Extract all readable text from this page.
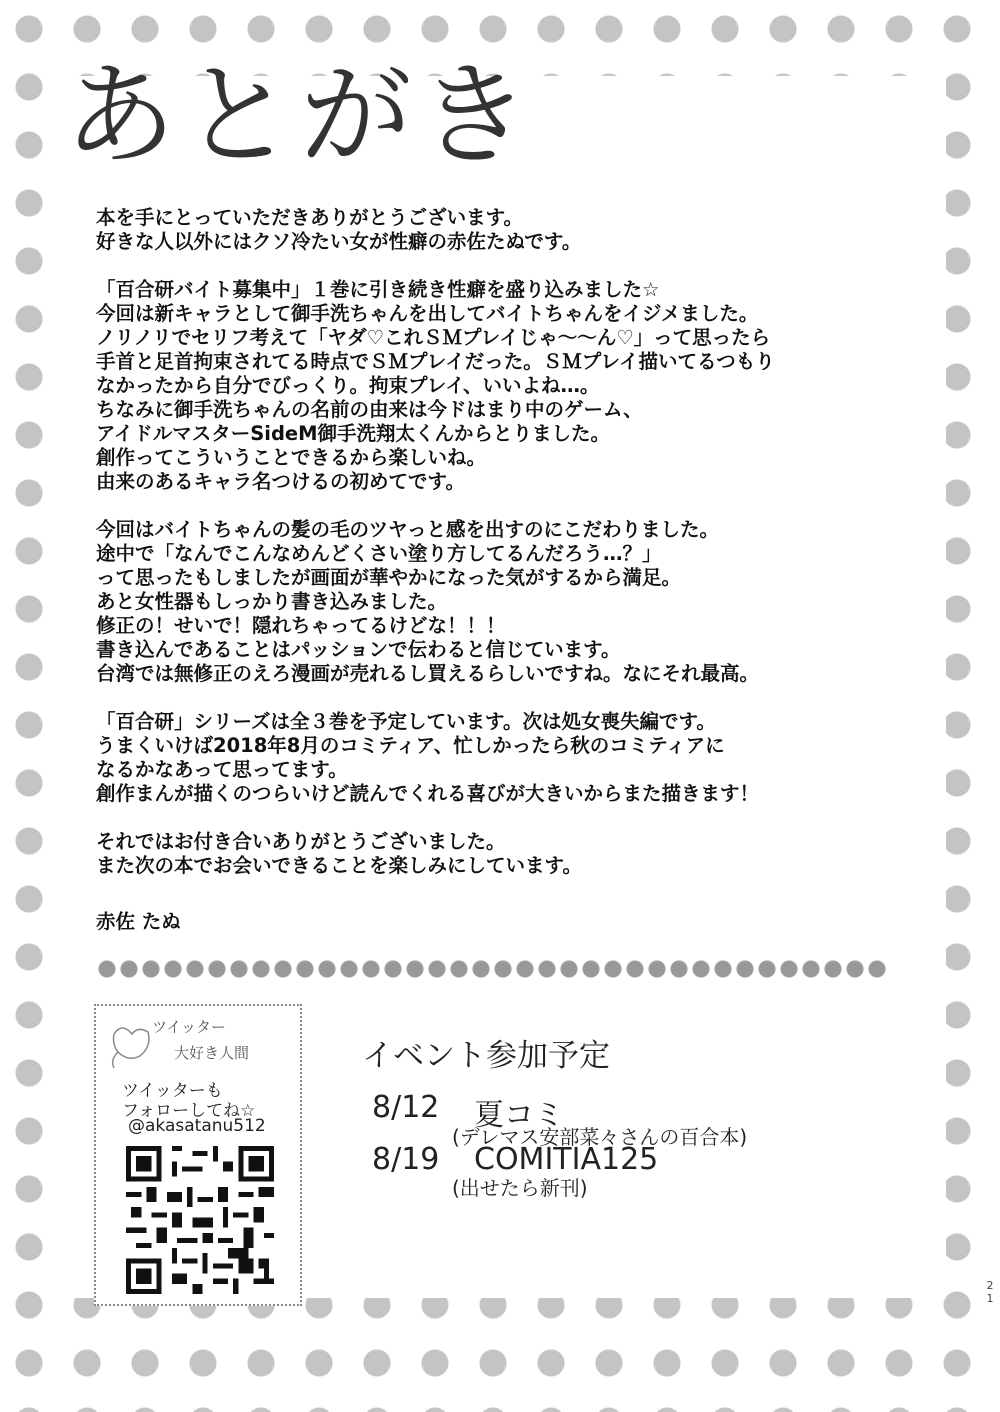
あとがき

本を手にとっていただきありがとうございます。
好きな人以外にはクソ冷たい女が性癖の赤佐たぬです。

「百合研バイト募集中」１巻に引き続き性癖を盛り込みました☆
今回は新キャラとして御手洗ちゃんを出してバイトちゃんをイジメました。
ノリノリでセリフ考えて「ヤダ♡これＳＭプレイじゃ〜〜ん♡」って思ったら
手首と足首拘束されてる時点でＳＭプレイだった。ＳＭプレイ描いてるつもり
なかったから自分でびっくり。拘束プレイ、いいよね…。
ちなみに御手洗ちゃんの名前の由来は今ドはまり中のゲーム、
アイドルマスターSideM御手洗翔太くんからとりました。
創作ってこういうことできるから楽しいね。
由来のあるキャラ名つけるの初めてです。

今回はバイトちゃんの髪の毛のツヤっと感を出すのにこだわりました。
途中で「なんでこんなめんどくさい塗り方してるんだろう…？」
って思ったもしましたが画面が華やかになった気がするから満足。
あと女性器もしっかり書き込みました。
修正の！せいで！隠れちゃってるけどな！！！
書き込んであることはパッションで伝わると信じています。
台湾では無修正のえろ漫画が売れるし買えるらしいですね。なにそれ最高。

「百合研」シリーズは全３巻を予定しています。次は処女喪失編です。
うまくいけば2018年8月のコミティア、忙しかったら秋のコミティアに
なるかなあって思ってます。
創作まんが描くのつらいけど読んでくれる喜びが大きいからまた描きます！

それではお付き合いありがとうございました。
また次の本でお会いできることを楽しみにしています。

赤佐 たぬ
ツイッター
大好き人間
ツイッターも
フォローしてね☆
@akasatanu512
イベント参加予定
8/12 夏コミ
(デレマス安部菜々さんの百合本)
8/19 COMITIA125
(出せたら新刊)
2
1
